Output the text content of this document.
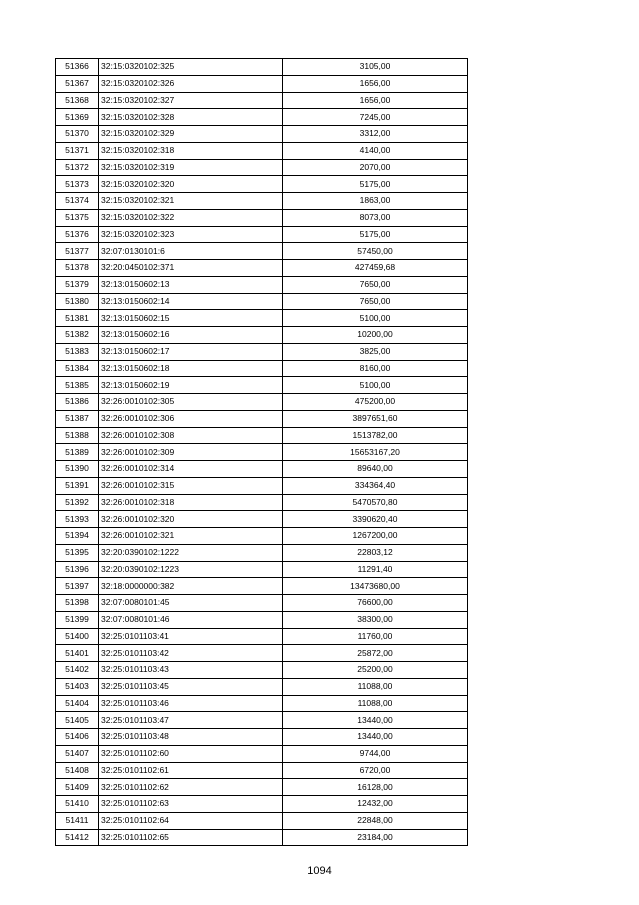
51366	32:15:0320102:325	3105,00
51367	32:15:0320102:326	1656,00
51368	32:15:0320102:327	1656,00
51369	32:15:0320102:328	7245,00
51370	32:15:0320102:329	3312,00
51371	32:15:0320102:318	4140,00
51372	32:15:0320102:319	2070,00
51373	32:15:0320102:320	5175,00
51374	32:15:0320102:321	1863,00
51375	32:15:0320102:322	8073,00
51376	32:15:0320102:323	5175,00
51377	32:07:0130101:6	57450,00
51378	32:20:0450102:371	427459,68
51379	32:13:0150602:13	7650,00
51380	32:13:0150602:14	7650,00
51381	32:13:0150602:15	5100,00
51382	32:13:0150602:16	10200,00
51383	32:13:0150602:17	3825,00
51384	32:13:0150602:18	8160,00
51385	32:13:0150602:19	5100,00
51386	32:26:0010102:305	475200,00
51387	32:26:0010102:306	3897651,60
51388	32:26:0010102:308	1513782,00
51389	32:26:0010102:309	15653167,20
51390	32:26:0010102:314	89640,00
51391	32:26:0010102:315	334364,40
51392	32:26:0010102:318	5470570,80
51393	32:26:0010102:320	3390620,40
51394	32:26:0010102:321	1267200,00
51395	32:20:0390102:1222	22803,12
51396	32:20:0390102:1223	11291,40
51397	32:18:0000000:382	13473680,00
51398	32:07:0080101:45	76600,00
51399	32:07:0080101:46	38300,00
51400	32:25:0101103:41	11760,00
51401	32:25:0101103:42	25872,00
51402	32:25:0101103:43	25200,00
51403	32:25:0101103:45	11088,00
51404	32:25:0101103:46	11088,00
51405	32:25:0101103:47	13440,00
51406	32:25:0101103:48	13440,00
51407	32:25:0101102:60	9744,00
51408	32:25:0101102:61	6720,00
51409	32:25:0101102:62	16128,00
51410	32:25:0101102:63	12432,00
51411	32:25:0101102:64	22848,00
51412	32:25:0101102:65	23184,00
1094
